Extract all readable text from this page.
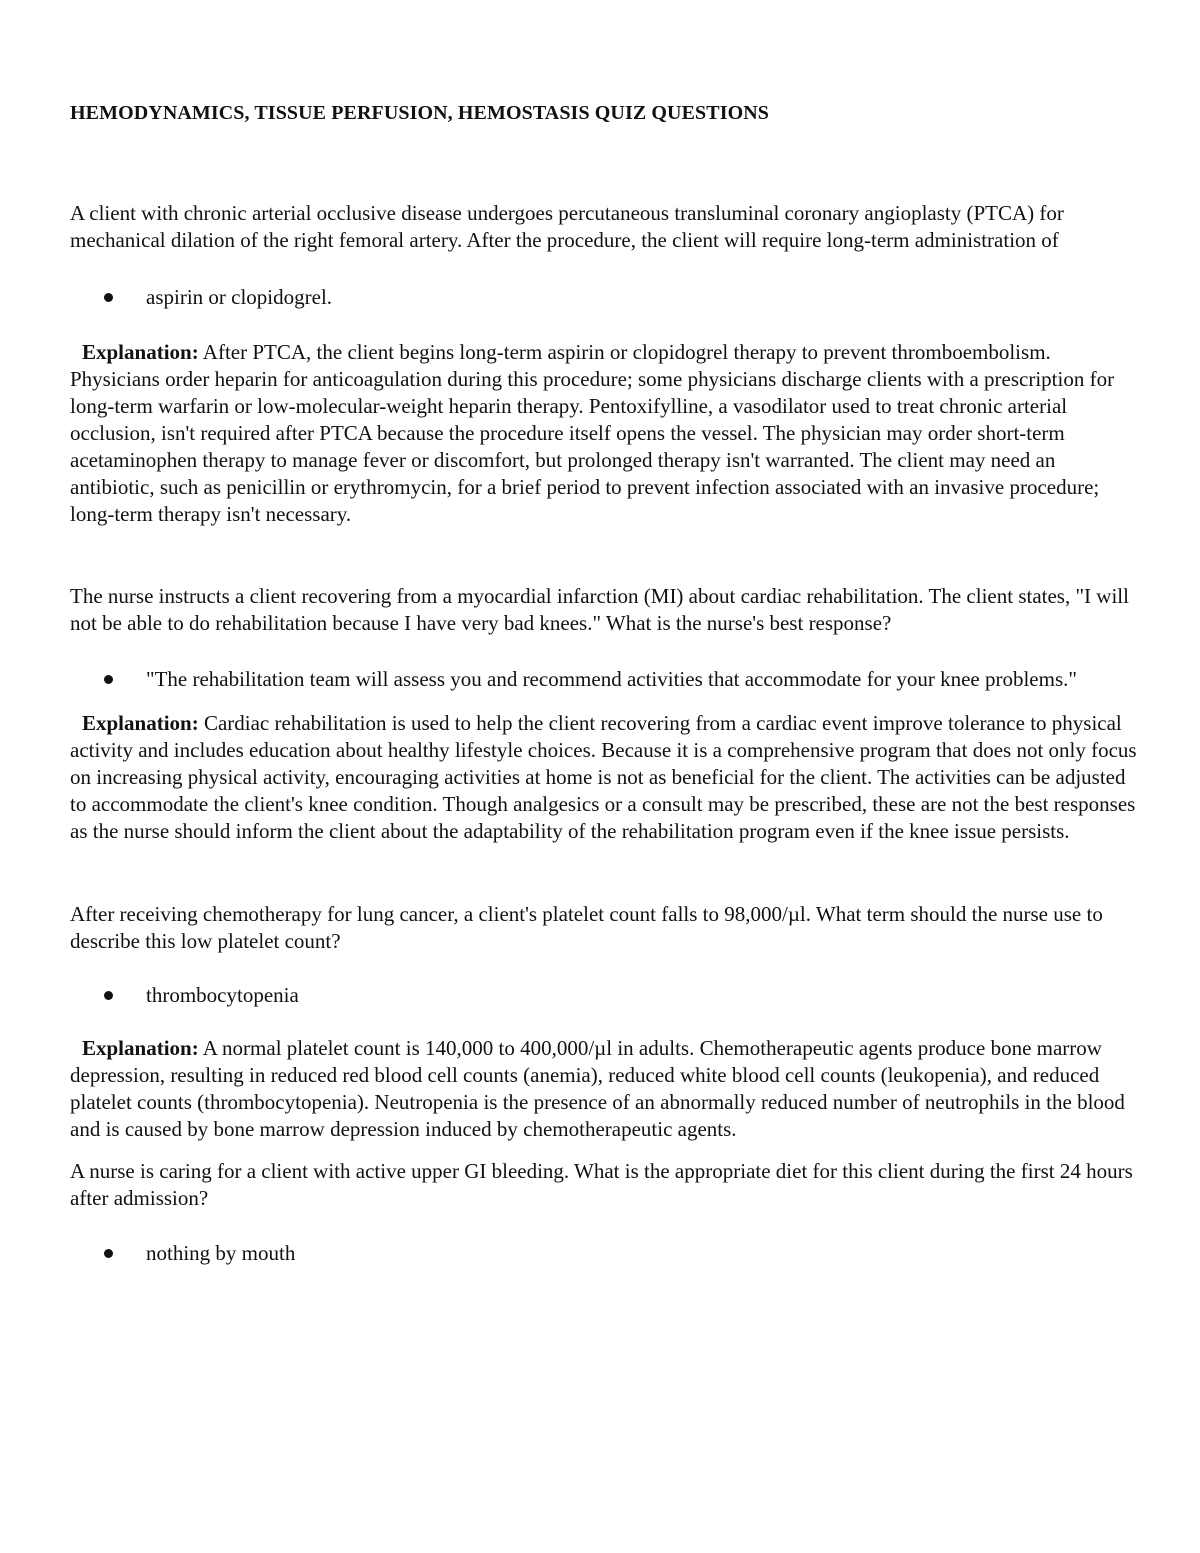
HEMODYNAMICS, TISSUE PERFUSION, HEMOSTASIS QUIZ QUESTIONS

A client with chronic arterial occlusive disease undergoes percutaneous transluminal coronary angioplasty (PTCA) for mechanical dilation of the right femoral artery. After the procedure, the client will require long-term administration of

aspirin or clopidogrel.

Explanation: After PTCA, the client begins long-term aspirin or clopidogrel therapy to prevent thromboembolism. Physicians order heparin for anticoagulation during this procedure; some physicians discharge clients with a prescription for long-term warfarin or low-molecular-weight heparin therapy. Pentoxifylline, a vasodilator used to treat chronic arterial occlusion, isn't required after PTCA because the procedure itself opens the vessel. The physician may order short-term acetaminophen therapy to manage fever or discomfort, but prolonged therapy isn't warranted. The client may need an antibiotic, such as penicillin or erythromycin, for a brief period to prevent infection associated with an invasive procedure; long-term therapy isn't necessary.

The nurse instructs a client recovering from a myocardial infarction (MI) about cardiac rehabilitation. The client states, "I will not be able to do rehabilitation because I have very bad knees." What is the nurse's best response?

"The rehabilitation team will assess you and recommend activities that accommodate for your knee problems."

Explanation: Cardiac rehabilitation is used to help the client recovering from a cardiac event improve tolerance to physical activity and includes education about healthy lifestyle choices. Because it is a comprehensive program that does not only focus on increasing physical activity, encouraging activities at home is not as beneficial for the client. The activities can be adjusted to accommodate the client's knee condition. Though analgesics or a consult may be prescribed, these are not the best responses as the nurse should inform the client about the adaptability of the rehabilitation program even if the knee issue persists.

After receiving chemotherapy for lung cancer, a client's platelet count falls to 98,000/µl. What term should the nurse use to describe this low platelet count?

thrombocytopenia

Explanation: A normal platelet count is 140,000 to 400,000/µl in adults. Chemotherapeutic agents produce bone marrow depression, resulting in reduced red blood cell counts (anemia), reduced white blood cell counts (leukopenia), and reduced platelet counts (thrombocytopenia). Neutropenia is the presence of an abnormally reduced number of neutrophils in the blood and is caused by bone marrow depression induced by chemotherapeutic agents.

A nurse is caring for a client with active upper GI bleeding. What is the appropriate diet for this client during the first 24 hours after admission?

nothing by mouth
